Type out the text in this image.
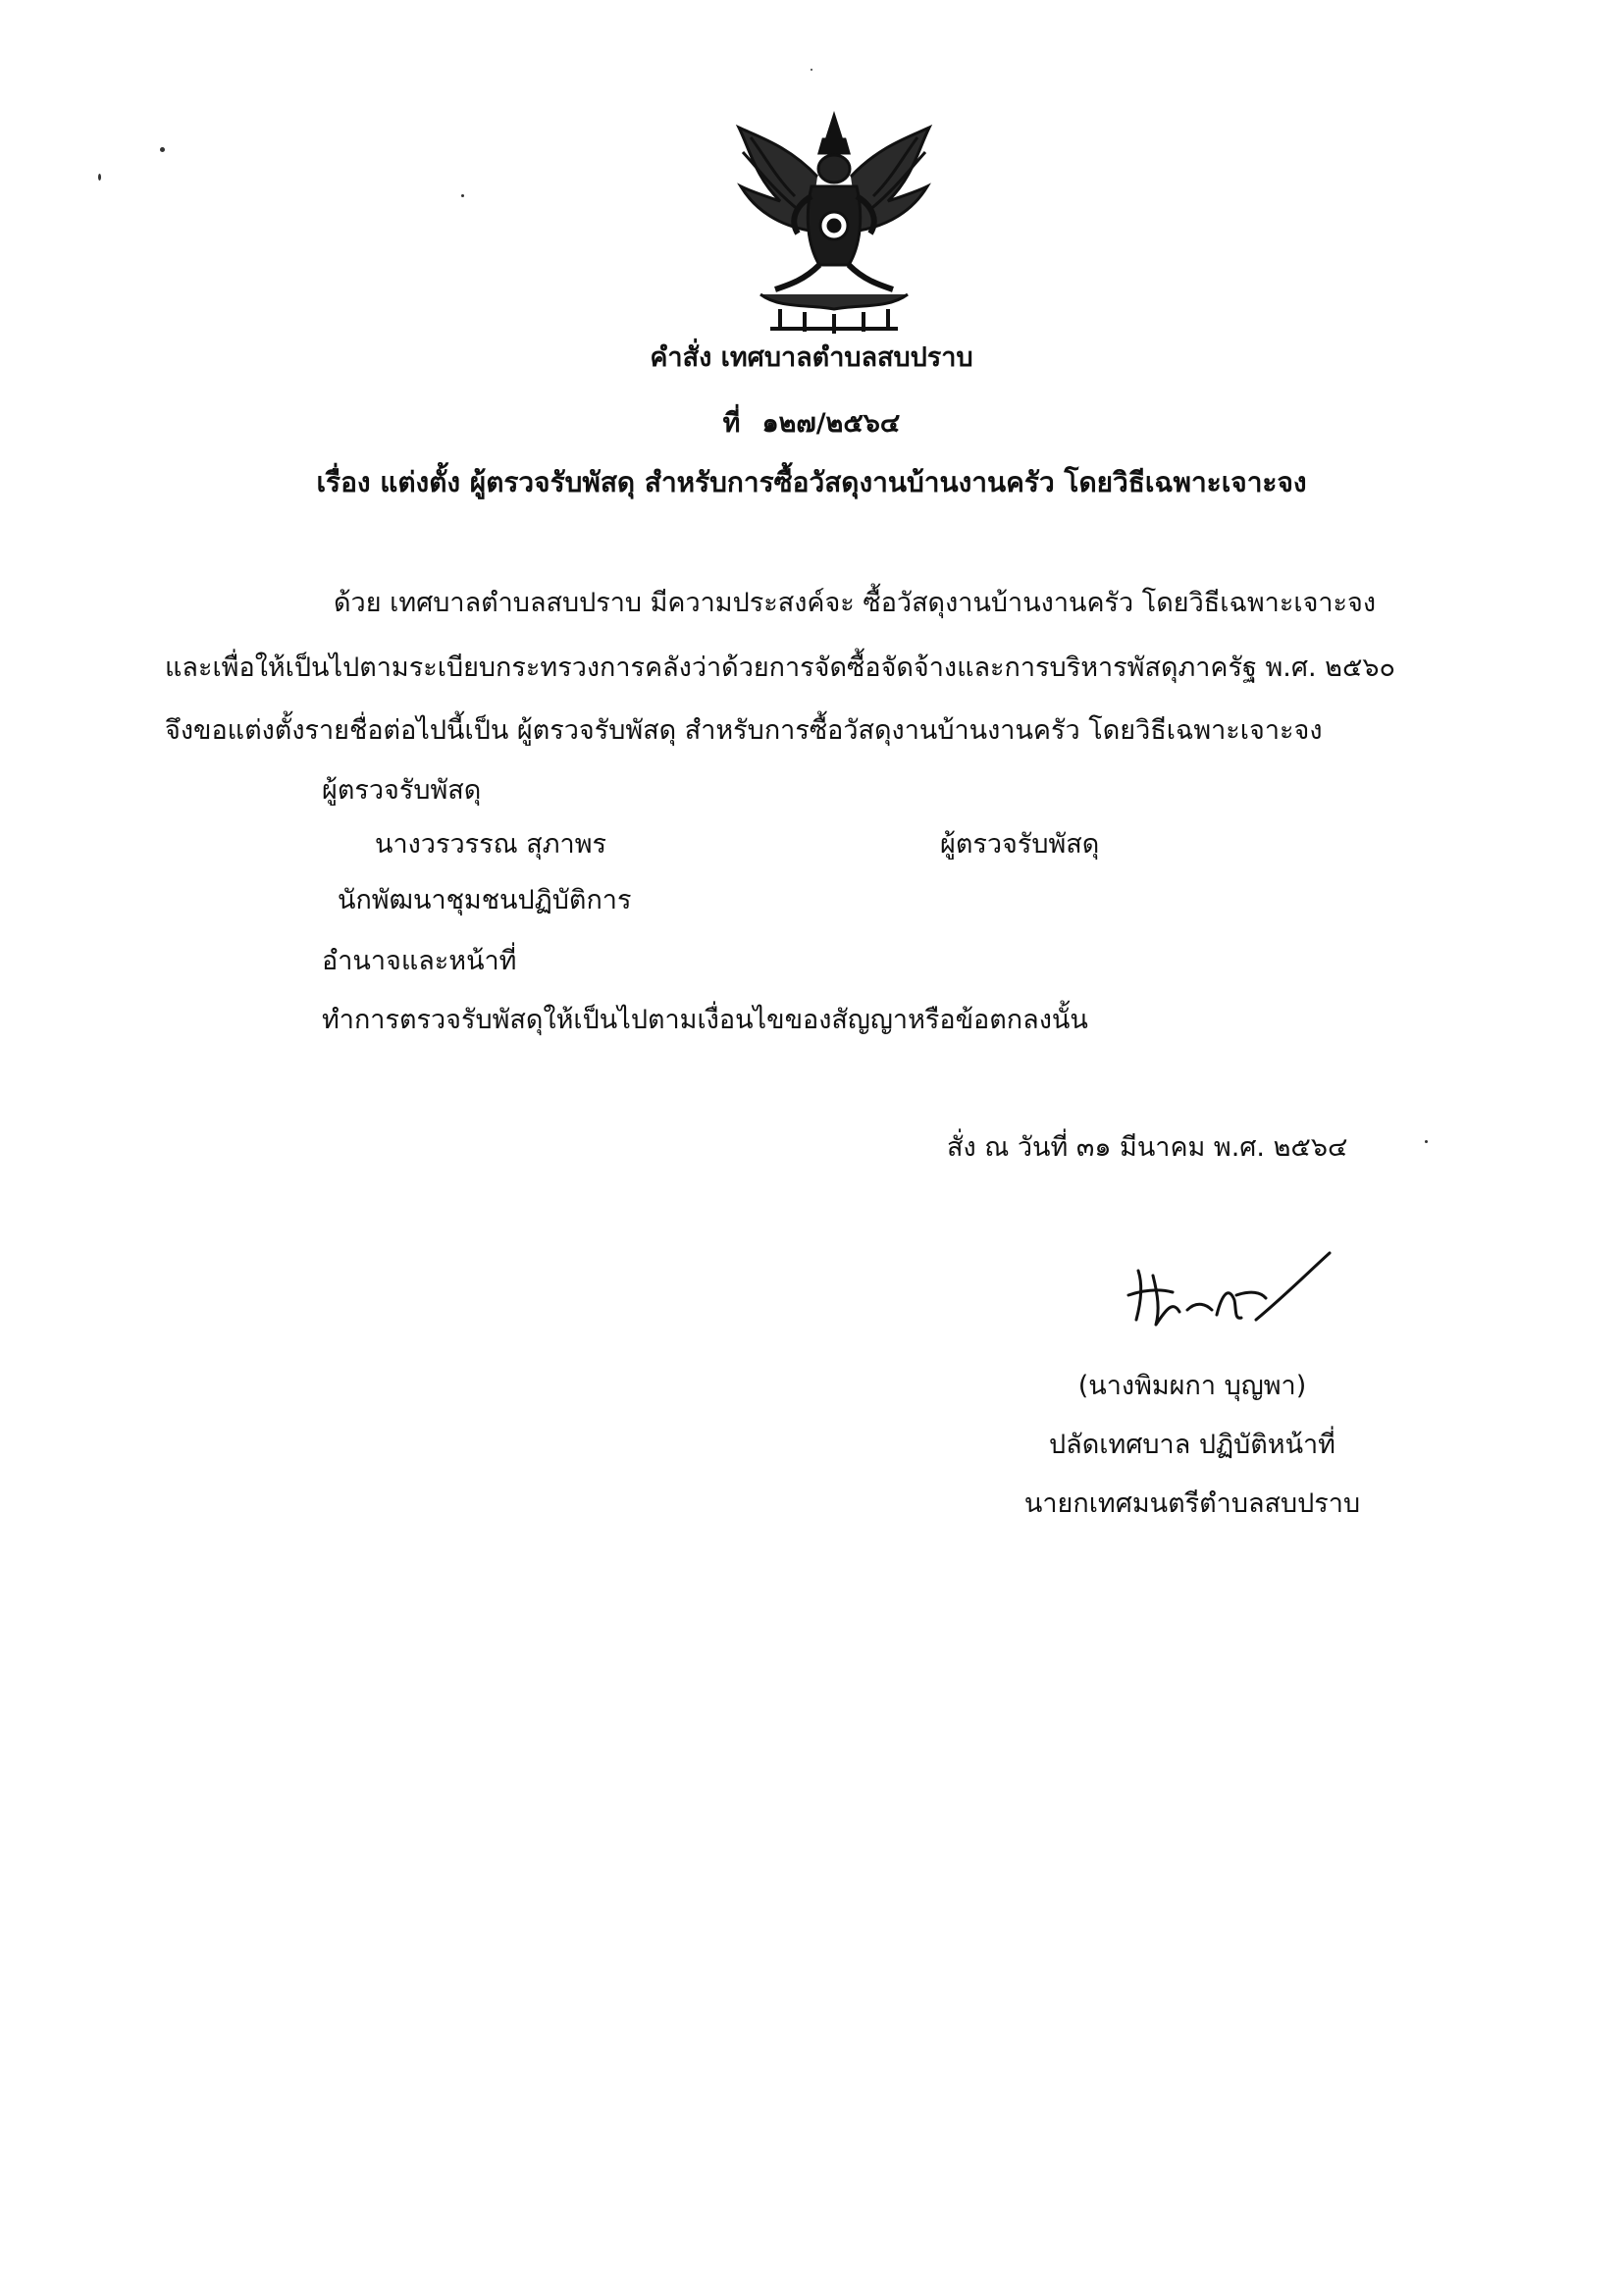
คำสั่ง เทศบาลตำบลสบปราบ
ที่ ๑๒๗/๒๕๖๔
เรื่อง แต่งตั้ง ผู้ตรวจรับพัสดุ สำหรับการซื้อวัสดุงานบ้านงานครัว โดยวิธีเฉพาะเจาะจง
ด้วย เทศบาลตำบลสบปราบ มีความประสงค์จะ ซื้อวัสดุงานบ้านงานครัว โดยวิธีเฉพาะเจาะจง
และเพื่อให้เป็นไปตามระเบียบกระทรวงการคลังว่าด้วยการจัดซื้อจัดจ้างและการบริหารพัสดุภาครัฐ พ.ศ. ๒๕๖๐
จึงขอแต่งตั้งรายชื่อต่อไปนี้เป็น ผู้ตรวจรับพัสดุ สำหรับการซื้อวัสดุงานบ้านงานครัว โดยวิธีเฉพาะเจาะจง
ผู้ตรวจรับพัสดุ
นางวรวรรณ สุภาพร	ผู้ตรวจรับพัสดุ
นักพัฒนาชุมชนปฏิบัติการ
อำนาจและหน้าที่
ทำการตรวจรับพัสดุให้เป็นไปตามเงื่อนไขของสัญญาหรือข้อตกลงนั้น
สั่ง ณ วันที่ ๓๑ มีนาคม พ.ศ. ๒๕๖๔
(นางพิมผกา บุญพา)
ปลัดเทศบาล ปฏิบัติหน้าที่
นายกเทศมนตรีตำบลสบปราบ
